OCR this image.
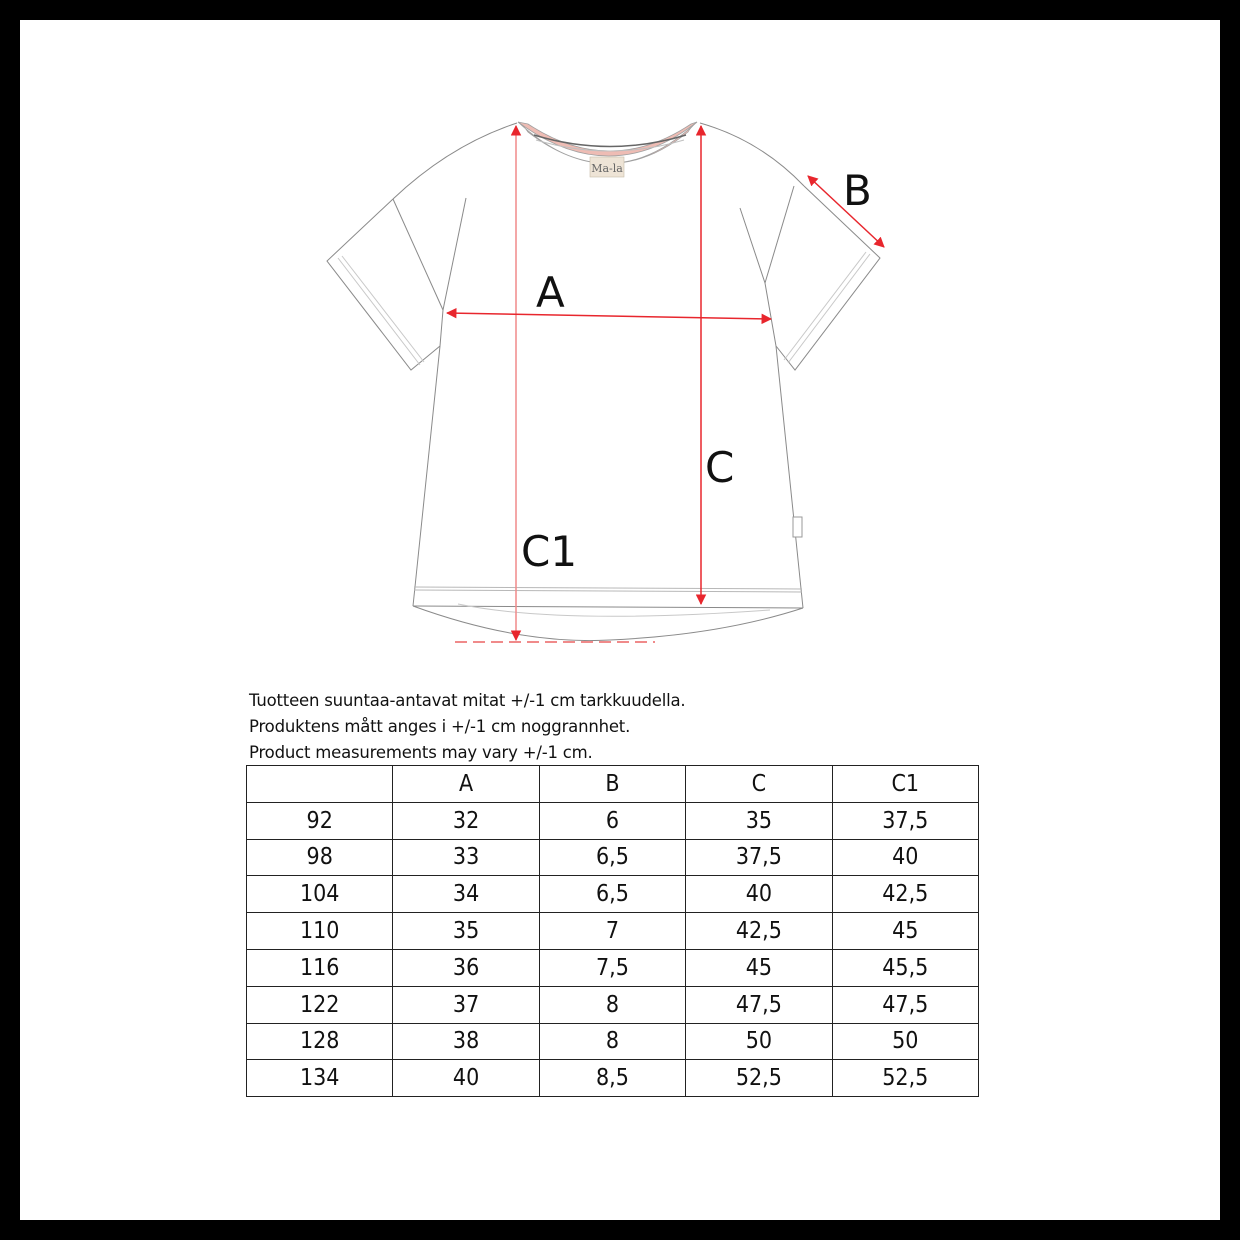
Ma-la
A
B
C
C1
Tuotteen suuntaa-antavat mitat +/-1 cm tarkkuudella.
Produktens mått anges i +/-1 cm noggrannhet.
Product measurements may vary +/-1 cm.
	A	B	C	C1
92	32	6	35	37,5
98	33	6,5	37,5	40
104	34	6,5	40	42,5
110	35	7	42,5	45
116	36	7,5	45	45,5
122	37	8	47,5	47,5
128	38	8	50	50
134	40	8,5	52,5	52,5
